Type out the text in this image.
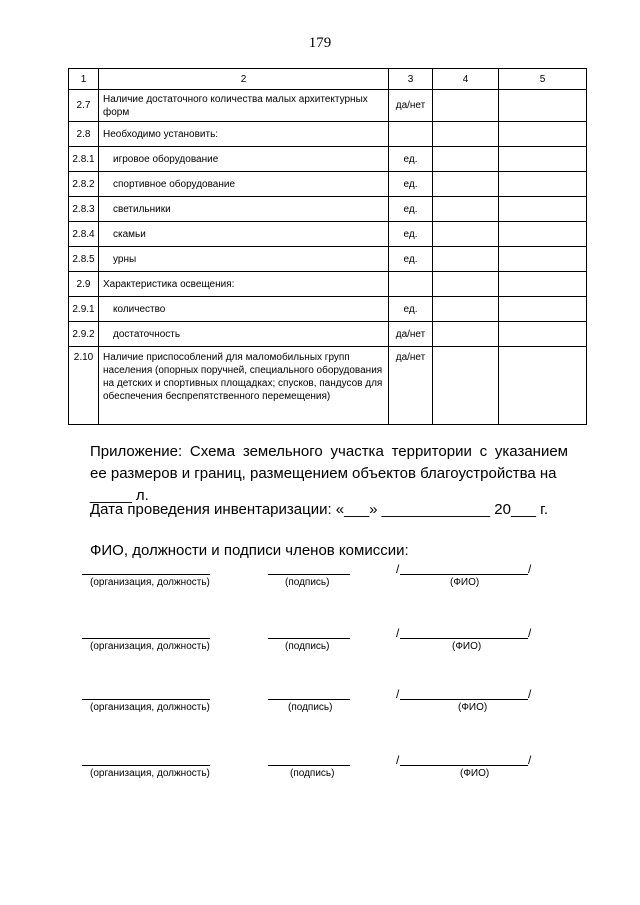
179
1	2	3	4	5
2.7	Наличие достаточного количества малых архитектурных форм	да/нет		
2.8	Необходимо установить:			
2.8.1	игровое оборудование	ед.		
2.8.2	спортивное оборудование	ед.		
2.8.3	светильники	ед.		
2.8.4	скамьи	ед.		
2.8.5	урны	ед.		
2.9	Характеристика освещения:			
2.9.1	количество	ед.		
2.9.2	достаточность	да/нет		
2.10	Наличие приспособлений для маломобильных групп населения (опорных поручней, специального оборудования на детских и спортивных площадках; спусков, пандусов для обеспечения беспрепятственного перемещения)	да/нет		
Приложение: Схема земельного участка территории с указанием
ее размеров и границ, размещением объектов благоустройства на _____ л.
Дата проведения инвентаризации: «___» _____________ 20___ г.
ФИО, должности и подписи членов комиссии:
(организация, должность)	(подпись)
/	/
(ФИО)
(организация, должность)	(подпись)
/	/
(ФИО)
(организация, должность)	(подпись)
/	/
(ФИО)
(организация, должность)	(подпись)
/	/
(ФИО)
